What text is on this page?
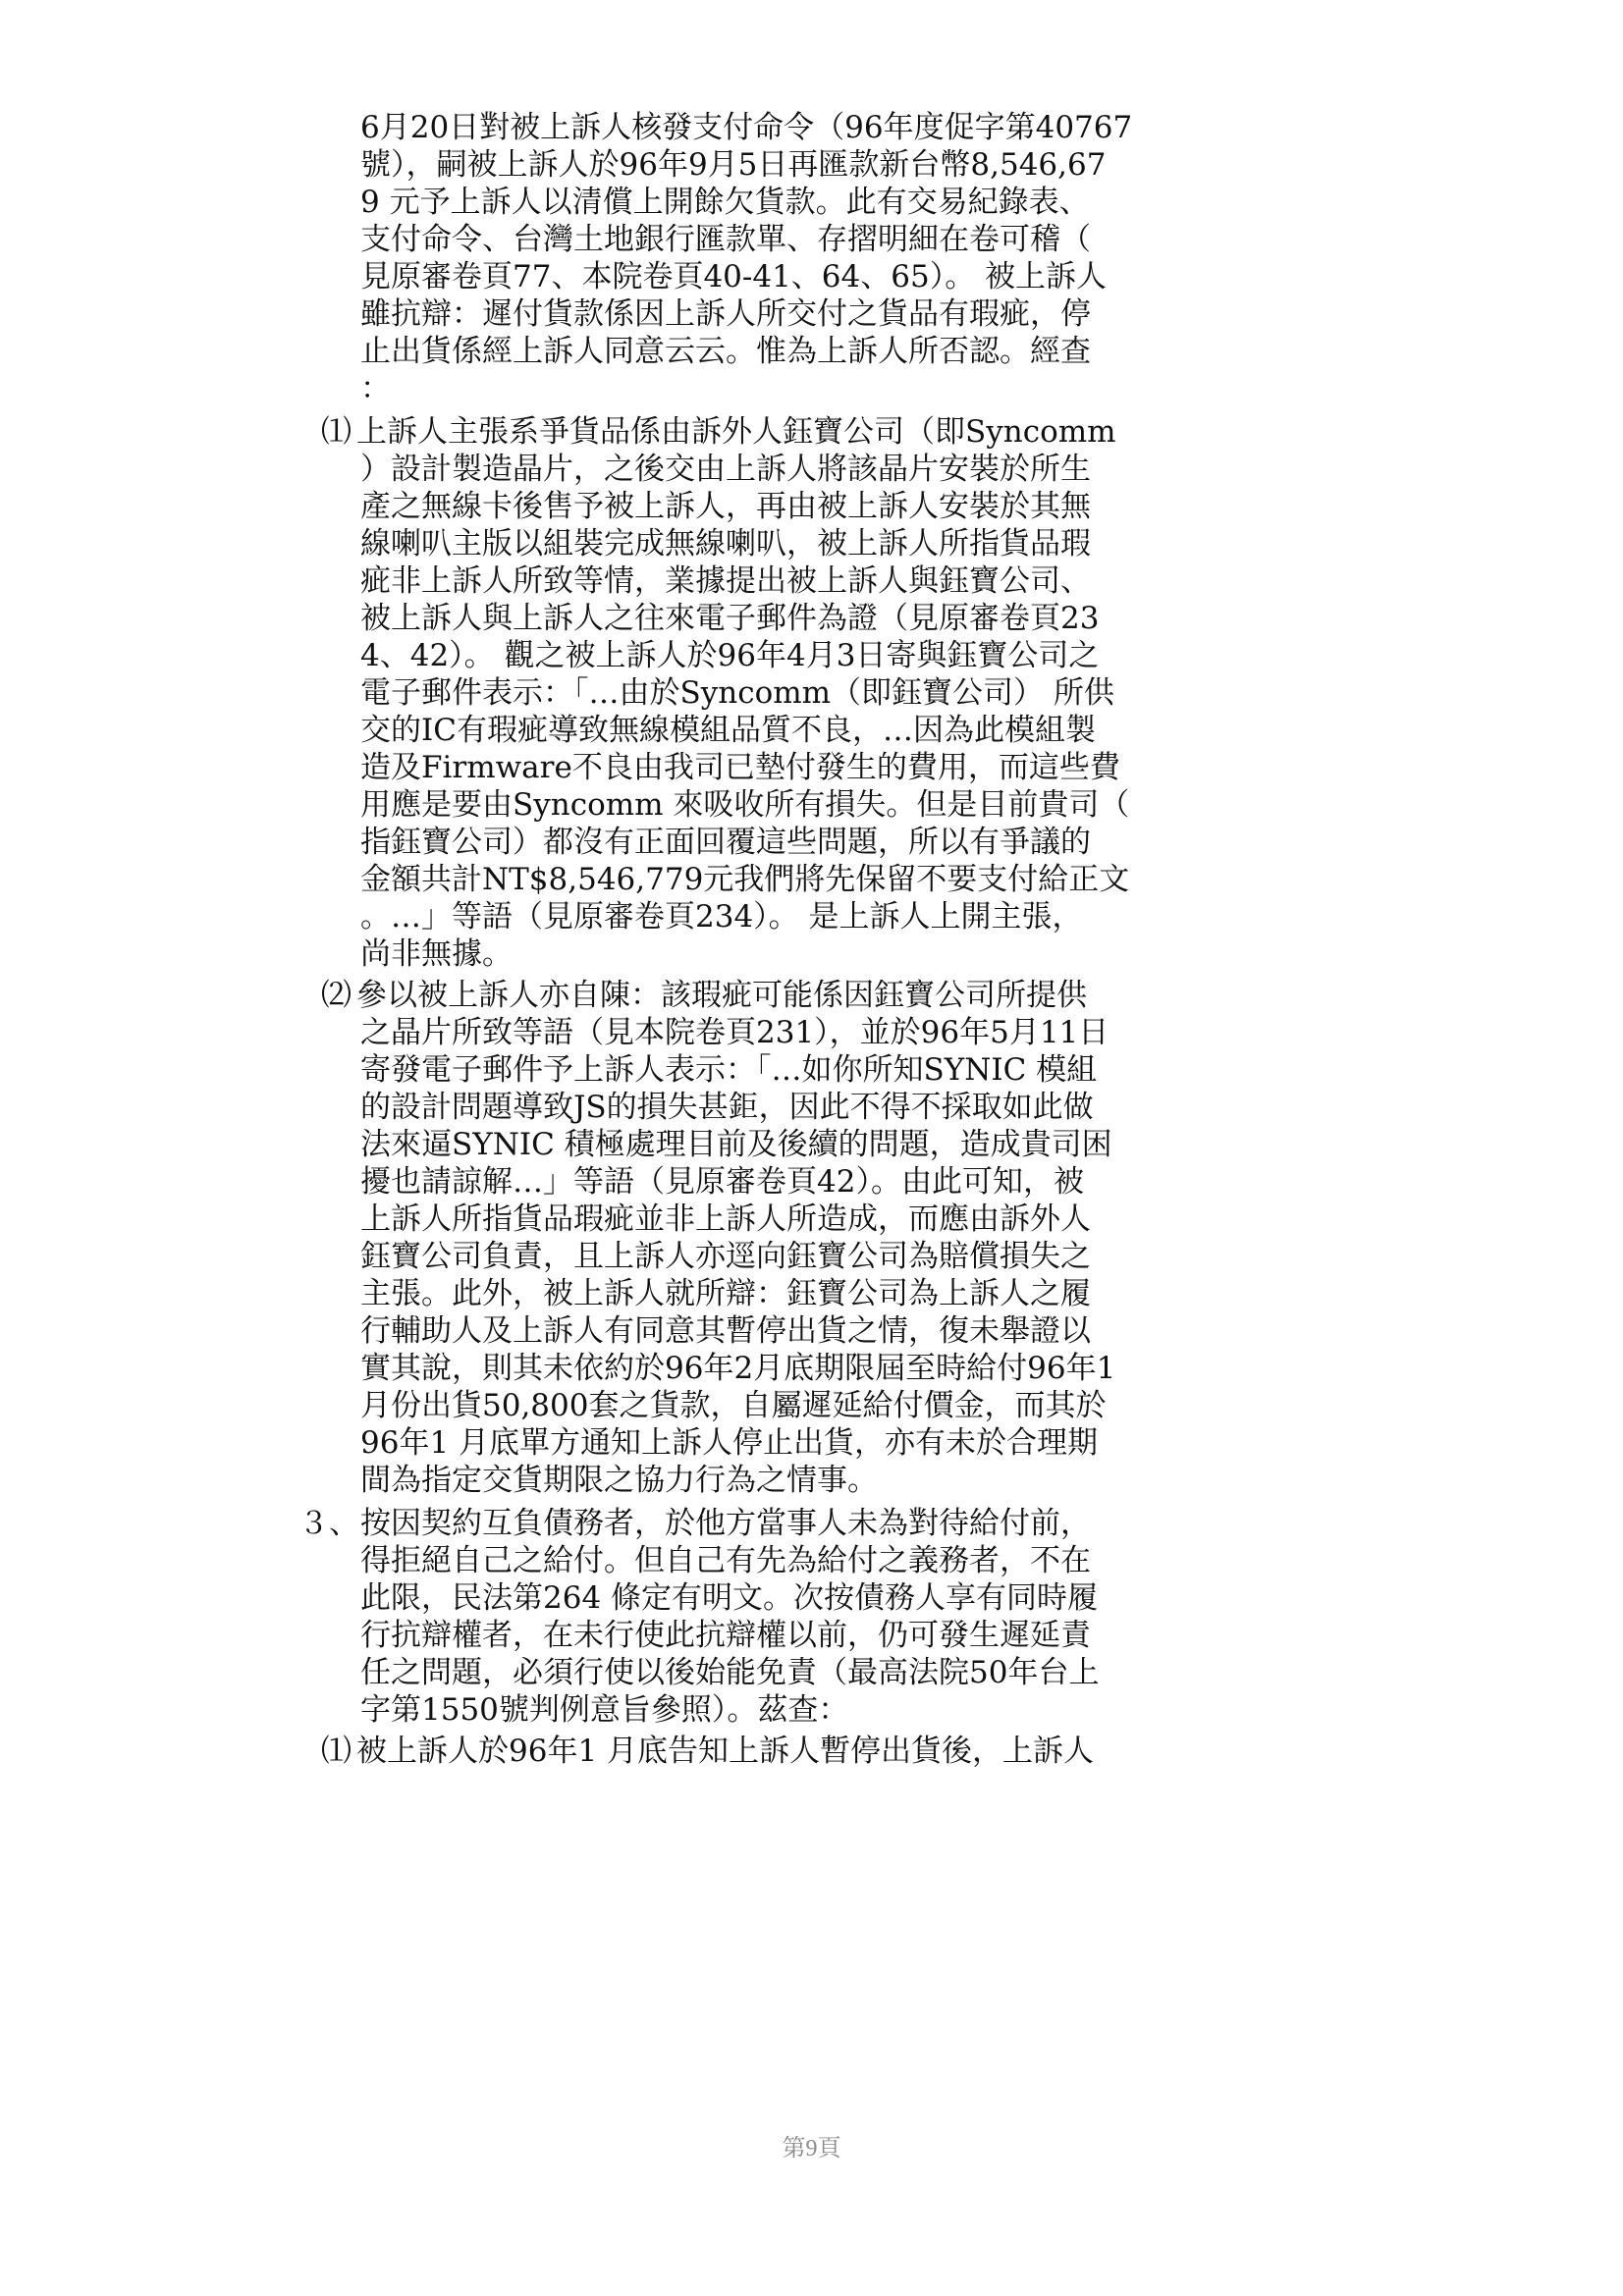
6月20日對被上訴人核發支付命令（96年度促字第40767
號），嗣被上訴人於96年9月5日再匯款新台幣8,546,67
9 元予上訴人以清償上開餘欠貨款。此有交易紀錄表、
支付命令、台灣土地銀行匯款單、存摺明細在卷可稽（
見原審卷頁77、本院卷頁40-41、64、65）。 被上訴人
雖抗辯：遲付貨款係因上訴人所交付之貨品有瑕疵，停
止出貨係經上訴人同意云云。惟為上訴人所否認。經查
：
上訴人主張系爭貨品係由訴外人鈺寶公司（即Syncomm
）設計製造晶片，之後交由上訴人將該晶片安裝於所生
產之無線卡後售予被上訴人，再由被上訴人安裝於其無
線喇叭主版以組裝完成無線喇叭，被上訴人所指貨品瑕
疵非上訴人所致等情，業據提出被上訴人與鈺寶公司、
被上訴人與上訴人之往來電子郵件為證（見原審卷頁23
4、42）。 觀之被上訴人於96年4月3日寄與鈺寶公司之
電子郵件表示：「…由於Syncomm（即鈺寶公司） 所供
交的IC有瑕疵導致無線模組品質不良，…因為此模組製
造及Firmware不良由我司已墊付發生的費用，而這些費
用應是要由Syncomm 來吸收所有損失。但是目前貴司（
指鈺寶公司）都沒有正面回覆這些問題，所以有爭議的
金額共計NT$8,546,779元我們將先保留不要支付給正文
。…」等語（見原審卷頁234）。 是上訴人上開主張，
尚非無據。
參以被上訴人亦自陳：該瑕疵可能係因鈺寶公司所提供
之晶片所致等語（見本院卷頁231），並於96年5月11日
寄發電子郵件予上訴人表示：「…如你所知SYNIC 模組
的設計問題導致JS的損失甚鉅，因此不得不採取如此做
法來逼SYNIC 積極處理目前及後續的問題，造成貴司困
擾也請諒解…」等語（見原審卷頁42）。由此可知，被
上訴人所指貨品瑕疵並非上訴人所造成，而應由訴外人
鈺寶公司負責，且上訴人亦逕向鈺寶公司為賠償損失之
主張。此外，被上訴人就所辯：鈺寶公司為上訴人之履
行輔助人及上訴人有同意其暫停出貨之情，復未舉證以
實其說，則其未依約於96年2月底期限屆至時給付96年1
月份出貨50,800套之貨款，自屬遲延給付價金，而其於
96年1 月底單方通知上訴人停止出貨，亦有未於合理期
間為指定交貨期限之協力行為之情事。
按因契約互負債務者，於他方當事人未為對待給付前，
得拒絕自己之給付。但自己有先為給付之義務者，不在
此限，民法第264 條定有明文。次按債務人享有同時履
行抗辯權者，在未行使此抗辯權以前，仍可發生遲延責
任之問題，必須行使以後始能免責（最高法院50年台上
字第1550號判例意旨參照）。茲查：
被上訴人於96年1 月底告知上訴人暫停出貨後，上訴人
⑴
⑵
３、
⑴
第9頁
